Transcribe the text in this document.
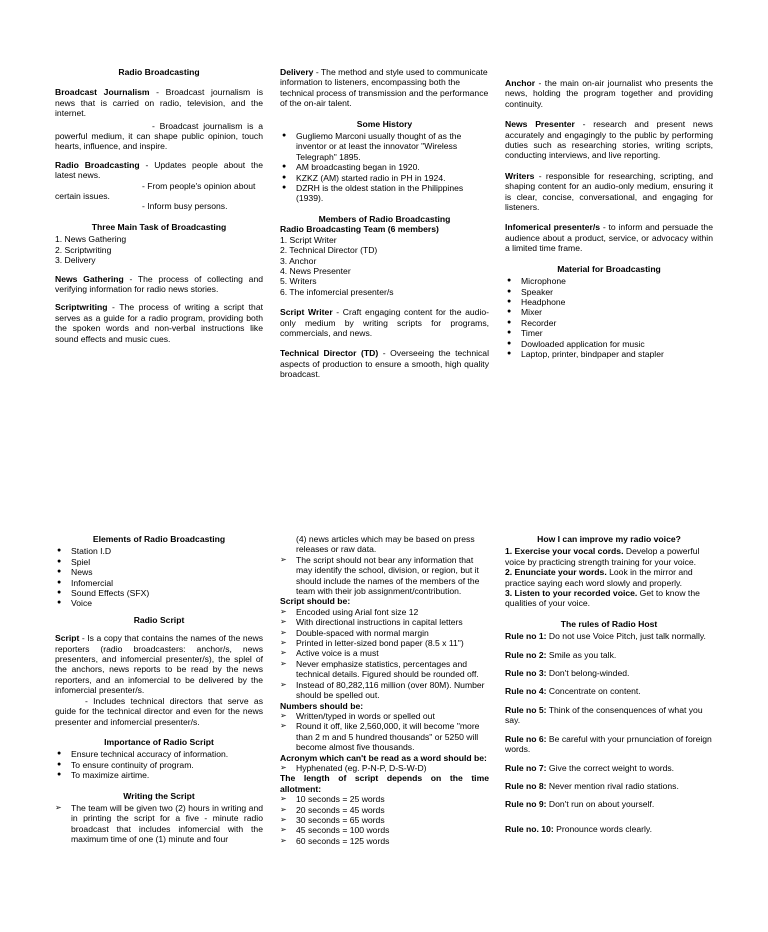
Radio Broadcasting

Broadcast Journalism - Broadcast journalism is news that is carried on radio, television, and the internet.

- Broadcast journalism is a powerful medium, it can shape public opinion, touch hearts, influence, and inspire.

Radio Broadcasting - Updates people about the latest news.

- From people's opinion about certain issues.

- Inform busy persons.

Three Main Task of Broadcasting
1. News Gathering
2. Scriptwriting
3. Delivery

News Gathering - The process of collecting and verifying information for radio news stories.

Scriptwriting - The process of writing a script that serves as a guide for a radio program, providing both the spoken words and non-verbal instructions like sound effects and music cues.

Delivery - The method and style used to communicate information to listeners, encompassing both the technical process of transmission and the performance of the on-air talent.

Some History
● Gugliemo Marconi usually thought of as the inventor or at least the innovator "Wireless Telegraph" 1895.
● AM broadcasting began in 1920.
● KZKZ (AM) started radio in PH in 1924.
● DZRH is the oldest station in the Philippines (1939).
Members of Radio Broadcasting
Radio Broadcasting Team (6 members)
1. Script Writer
2. Technical Director (TD)
3. Anchor
4. News Presenter
5. Writers
6. The infomercial presenter/s

Script Writer - Craft engaging content for the audio-only medium by writing scripts for programs, commercials, and news.

Technical Director (TD) - Overseeing the technical aspects of production to ensure a smooth, high quality broadcast.

Anchor - the main on-air journalist who presents the news, holding the program together and providing continuity.

News Presenter - research and present news accurately and engagingly to the public by performing duties such as researching stories, writing scripts, conducting interviews, and live reporting.

Writers - responsible for researching, scripting, and shaping content for an audio-only medium, ensuring it is clear, concise, conversational, and engaging for listeners.

Infomerical presenter/s - to inform and persuade the audience about a product, service, or advocacy within a limited time frame.

Material for Broadcasting
● Microphone
● Speaker
● Headphone
● Mixer
● Recorder
● Timer
● Dowloaded application for music
● Laptop, printer, bindpaper and stapler
Elements of Radio Broadcasting
● Station I.D
● Spiel
● News
● Infomercial
● Sound Effects (SFX)
● Voice
Radio Script

Script - Is a copy that contains the names of the news reporters (radio broadcasters: anchor/s, news presenters, and infomercial presenter/s), the splel of the anchors, news reports to be read by the news reporters, and an infomercial to be delivered by the infomercial presenter/s.

- Includes technical directors that serve as guide for the technical director and even for the news presenter and infomercial presenter/s.

Importance of Radio Script
● Ensure technical accuracy of information.
● To ensure continuity of program.
● To maximize airtime.
Writing the Script
➢ The team will be given two (2) hours in writing and in printing the script for a five - minute radio broadcast that includes infomercial with the maximum time of one (1) minute and four

(4) news articles which may be based on press releases or raw data.

➢ The script should not bear any information that may identify the school, division, or region, but it should include the names of the members of the team with their job assignment/contribution.
Script should be:
➢ Encoded using Arial font size 12
➢ With directional instructions in capital letters
➢ Double-spaced with normal margin
➢ Printed in letter-sized bond paper (8.5 x 11")
➢ Active voice is a must
➢ Never emphasize statistics, percentages and technical details. Figured should be rounded off.
➢ Instead of 80,282,116 million (over 80M). Number should be spelled out.
Numbers should be:
➢ Written/typed in words or spelled out
➢ Round it off, like 2,560,000, it will become "more than 2 m and 5 hundred thousands" or 5250 will become almost five thousands.
Acronym which can't be read as a word should be:
➢ Hyphenated (eg. P-N-P, D-S-W-D)
The length of script depends on the time allotment:
➢ 10 seconds = 25 words
➢ 20 seconds = 45 words
➢ 30 seconds = 65 words
➢ 45 seconds = 100 words
➢ 60 seconds = 125 words
How I can improve my radio voice?

1. Exercise your vocal cords. Develop a powerful voice by practicing strength training for your voice.

2. Enunciate your words. Look in the mirror and practice saying each word slowly and properly.

3. Listen to your recorded voice. Get to know the qualities of your voice.

The rules of Radio Host

Rule no 1: Do not use Voice Pitch, just talk normally.

Rule no 2: Smile as you talk.

Rule no 3: Don't belong-winded.

Rule no 4: Concentrate on content.

Rule no 5: Think of the consenquences of what you say.

Rule no 6: Be careful with your prnunciation of foreign words.

Rule no 7: Give the correct weight to words.

Rule no 8: Never mention rival radio stations.

Rule no 9: Don't run on about yourself.

Rule no. 10: Pronounce words clearly.
